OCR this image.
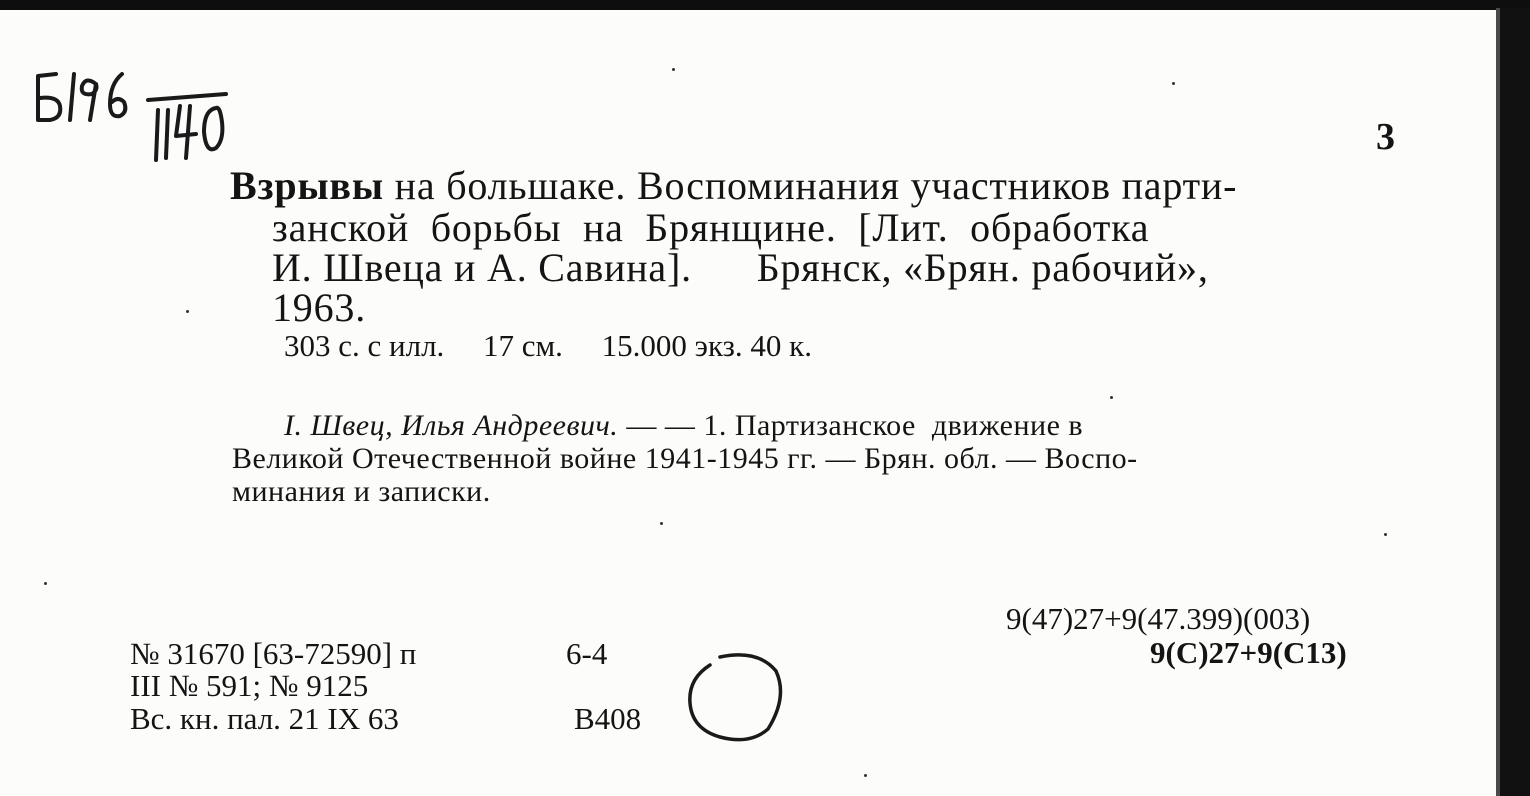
3
Взрывы на большаке. Воспоминания участников парти-
занской  борьбы  на  Брянщине.  [Лит.  обработка
И. Швеца и А. Савина].      Брянск, «Брян. рабочий»,
1963.
303 с. с илл.     17 см.     15.000 экз. 40 к.
I. Швец, Илья Андреевич. — — 1. Партизанское  движение в
Великой Отечественной войне 1941-1945 гг. — Брян. обл. — Воспо-
минания и записки.
9(47)27+9(47.399)(003)
9(С)27+9(С13)
№ 31670 [63-72590] п	6-4
III № 591; № 9125
Вс. кн. пал. 21 IX 63	В408
